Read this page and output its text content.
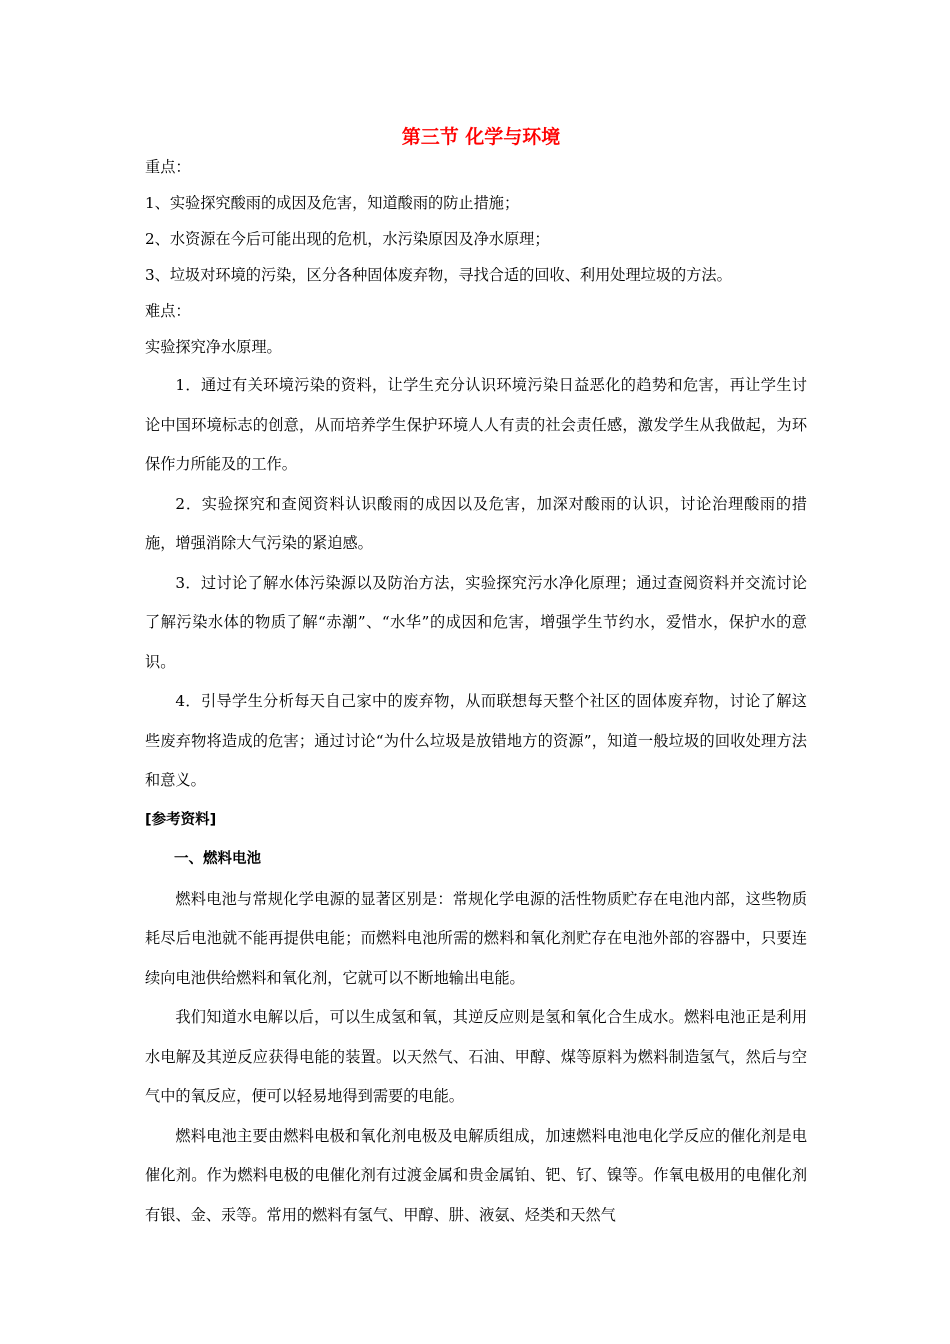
第三节 化学与环境

重点：

1、实验探究酸雨的成因及危害，知道酸雨的防止措施；

2、水资源在今后可能出现的危机，水污染原因及净水原理；

3、垃圾对环境的污染，区分各种固体废弃物，寻找合适的回收、利用处理垃圾的方法。

难点：

实验探究净水原理。

1．通过有关环境污染的资料，让学生充分认识环境污染日益恶化的趋势和危害，再让学生讨论中国环境标志的创意，从而培养学生保护环境人人有责的社会责任感，激发学生从我做起，为环保作力所能及的工作。

2．实验探究和查阅资料认识酸雨的成因以及危害，加深对酸雨的认识，讨论治理酸雨的措施，增强消除大气污染的紧迫感。

3．过讨论了解水体污染源以及防治方法，实验探究污水净化原理；通过查阅资料并交流讨论了解污染水体的物质了解“赤潮”、“水华”的成因和危害，增强学生节约水，爱惜水，保护水的意识。

4．引导学生分析每天自己家中的废弃物，从而联想每天整个社区的固体废弃物，讨论了解这些废弃物将造成的危害；通过讨论“为什么垃圾是放错地方的资源”，知道一般垃圾的回收处理方法和意义。

[参考资料]

一、燃料电池

燃料电池与常规化学电源的显著区别是：常规化学电源的活性物质贮存在电池内部，这些物质耗尽后电池就不能再提供电能；而燃料电池所需的燃料和氧化剂贮存在电池外部的容器中，只要连续向电池供给燃料和氧化剂，它就可以不断地输出电能。

我们知道水电解以后，可以生成氢和氧，其逆反应则是氢和氧化合生成水。燃料电池正是利用水电解及其逆反应获得电能的装置。以天然气、石油、甲醇、煤等原料为燃料制造氢气，然后与空气中的氧反应，便可以轻易地得到需要的电能。

燃料电池主要由燃料电极和氧化剂电极及电解质组成，加速燃料电池电化学反应的催化剂是电催化剂。作为燃料电极的电催化剂有过渡金属和贵金属铂、钯、钌、镍等。作氧电极用的电催化剂有银、金、汞等。常用的燃料有氢气、甲醇、肼、液氨、烃类和天然气
